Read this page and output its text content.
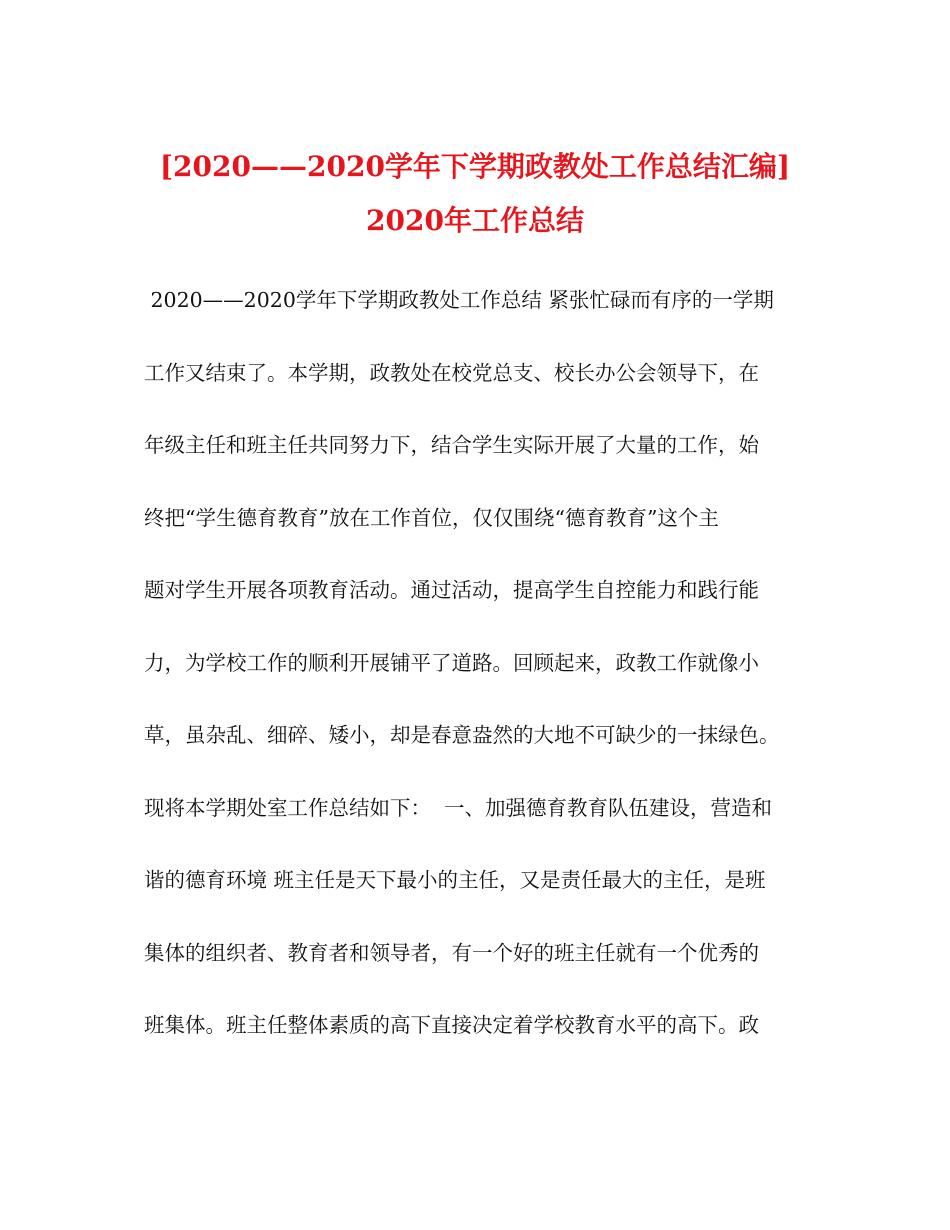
[2020——2020学年下学期政教处工作总结汇编]
2020年工作总结
2020——2020学年下学期政教处工作总结 紧张忙碌而有序的一学期
工作又结束了。本学期，政教处在校党总支、校长办公会领导下，在
年级主任和班主任共同努力下，结合学生实际开展了大量的工作，始
终把“学生德育教育”放在工作首位，仅仅围绕“德育教育”这个主
题对学生开展各项教育活动。通过活动，提高学生自控能力和践行能
力，为学校工作的顺利开展铺平了道路。回顾起来，政教工作就像小
草，虽杂乱、细碎、矮小，却是春意盎然的大地不可缺少的一抹绿色。
现将本学期处室工作总结如下：  一、加强德育教育队伍建设，营造和
谐的德育环境 班主任是天下最小的主任，又是责任最大的主任，是班
集体的组织者、教育者和领导者，有一个好的班主任就有一个优秀的
班集体。班主任整体素质的高下直接决定着学校教育水平的高下。政
